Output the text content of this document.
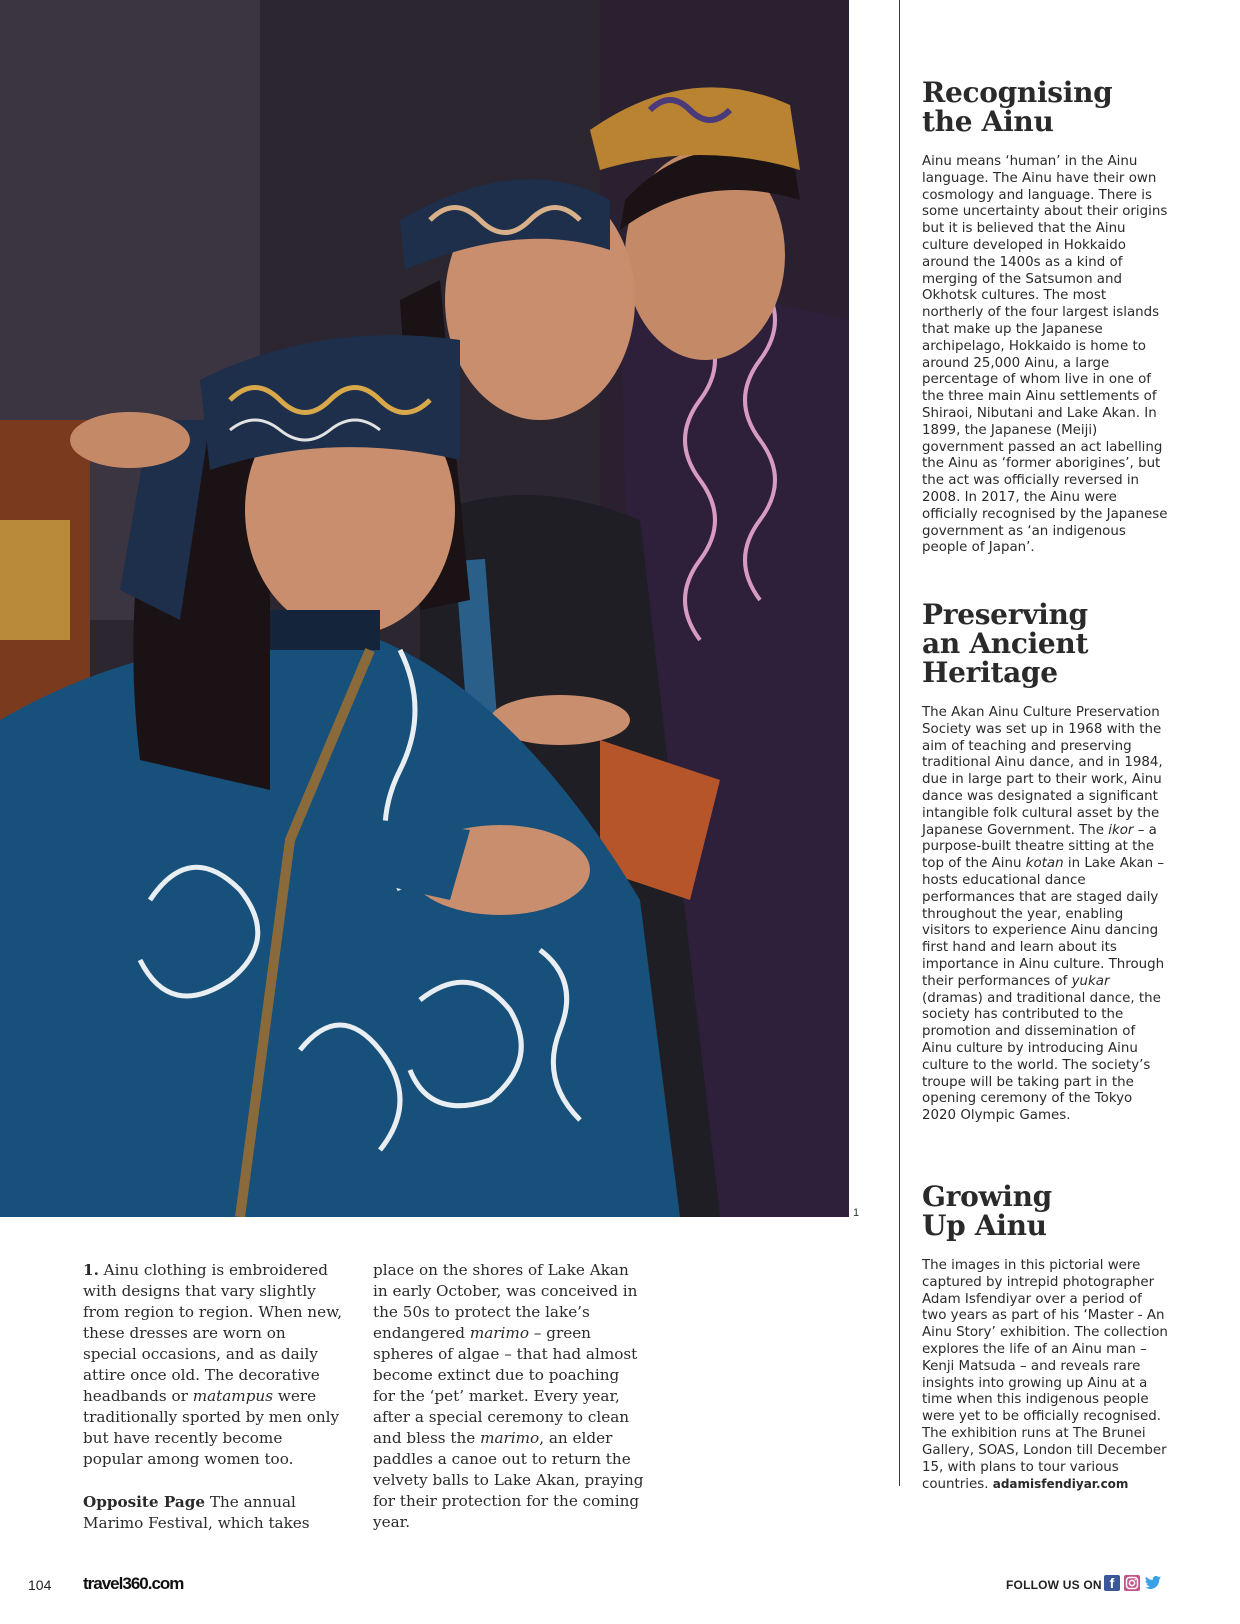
1
Recognising
the Ainu

Ainu means ‘human’ in the Ainu language. The Ainu have their own cosmology and language. There is some uncertainty about their origins but it is believed that the Ainu culture developed in Hokkaido around the 1400s as a kind of merging of the Satsumon and Okhotsk cultures. The most northerly of the four largest islands that make up the Japanese archipelago, Hokkaido is home to around 25,000 Ainu, a large percentage of whom live in one of the three main Ainu settlements of Shiraoi, Nibutani and Lake Akan. In 1899, the Japanese (Meiji) government passed an act labelling the Ainu as ‘former aborigines’, but the act was officially reversed in 2008. In 2017, the Ainu were officially recognised by the Japanese government as ‘an indigenous people of Japan’.

Preserving
an Ancient
Heritage

The Akan Ainu Culture Preservation Society was set up in 1968 with the aim of teaching and preserving traditional Ainu dance, and in 1984, due in large part to their work, Ainu dance was designated a significant intangible folk cultural asset by the Japanese Government. The ikor – a purpose-built theatre sitting at the top of the Ainu kotan in Lake Akan – hosts educational dance performances that are staged daily throughout the year, enabling visitors to experience Ainu dancing first hand and learn about its importance in Ainu culture. Through their performances of yukar (dramas) and traditional dance, the society has contributed to the promotion and dissemination of Ainu culture by introducing Ainu culture to the world. The society’s troupe will be taking part in the opening ceremony of the Tokyo 2020 Olympic Games.

Growing
Up Ainu

The images in this pictorial were captured by intrepid photographer Adam Isfendiyar over a period of two years as part of his ‘Master - An Ainu Story’ exhibition. The collection explores the life of an Ainu man – Kenji Matsuda – and reveals rare insights into growing up Ainu at a time when this indigenous people were yet to be officially recognised. The exhibition runs at The Brunei Gallery, SOAS, London till December 15, with plans to tour various countries. adamisfendiyar.com

1. Ainu clothing is embroidered with designs that vary slightly from region to region. When new, these dresses are worn on special occasions, and as daily attire once old. The decorative headbands or matampus were traditionally sported by men only but have recently become popular among women too.

Opposite Page The annual Marimo Festival, which takes

place on the shores of Lake Akan in early October, was conceived in the 50s to protect the lake’s endangered marimo – green spheres of algae – that had almost become extinct due to poaching for the ‘pet’ market. Every year, after a special ceremony to clean and bless the marimo, an elder paddles a canoe out to return the velvety balls to Lake Akan, praying for their protection for the coming year.

104 travel360.com	FOLLOW US ON f
